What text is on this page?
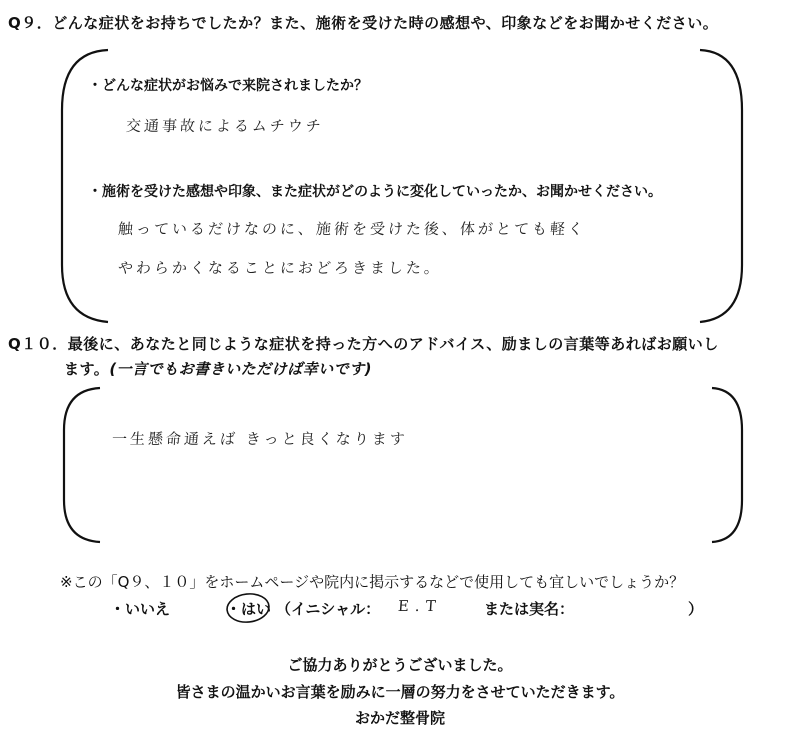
Q９．どんな症状をお持ちでしたか？また、施術を受けた時の感想や、印象などをお聞かせください。
・どんな症状がお悩みで来院されましたか？
交通事故によるムチウチ
・施術を受けた感想や印象、また症状がどのように変化していったか、お聞かせください。
触っているだけなのに、施術を受けた後、体がとても軽く
やわらかくなることにおどろきました。
Q１０．最後に、あなたと同じような症状を持った方へのアドバイス、励ましの言葉等あればお願いし
ます。(一言でもお書きいただけば幸いです)
一生懸命通えば きっと良くなります
※この「Q９、１０」をホームページや院内に掲示するなどで使用しても宜しいでしょうか？
・いいえ	・はい （イニシャル： E.T	または実名：	）
ご協力ありがとうございました。
皆さまの温かいお言葉を励みに一層の努力をさせていただきます。
おかだ整骨院
